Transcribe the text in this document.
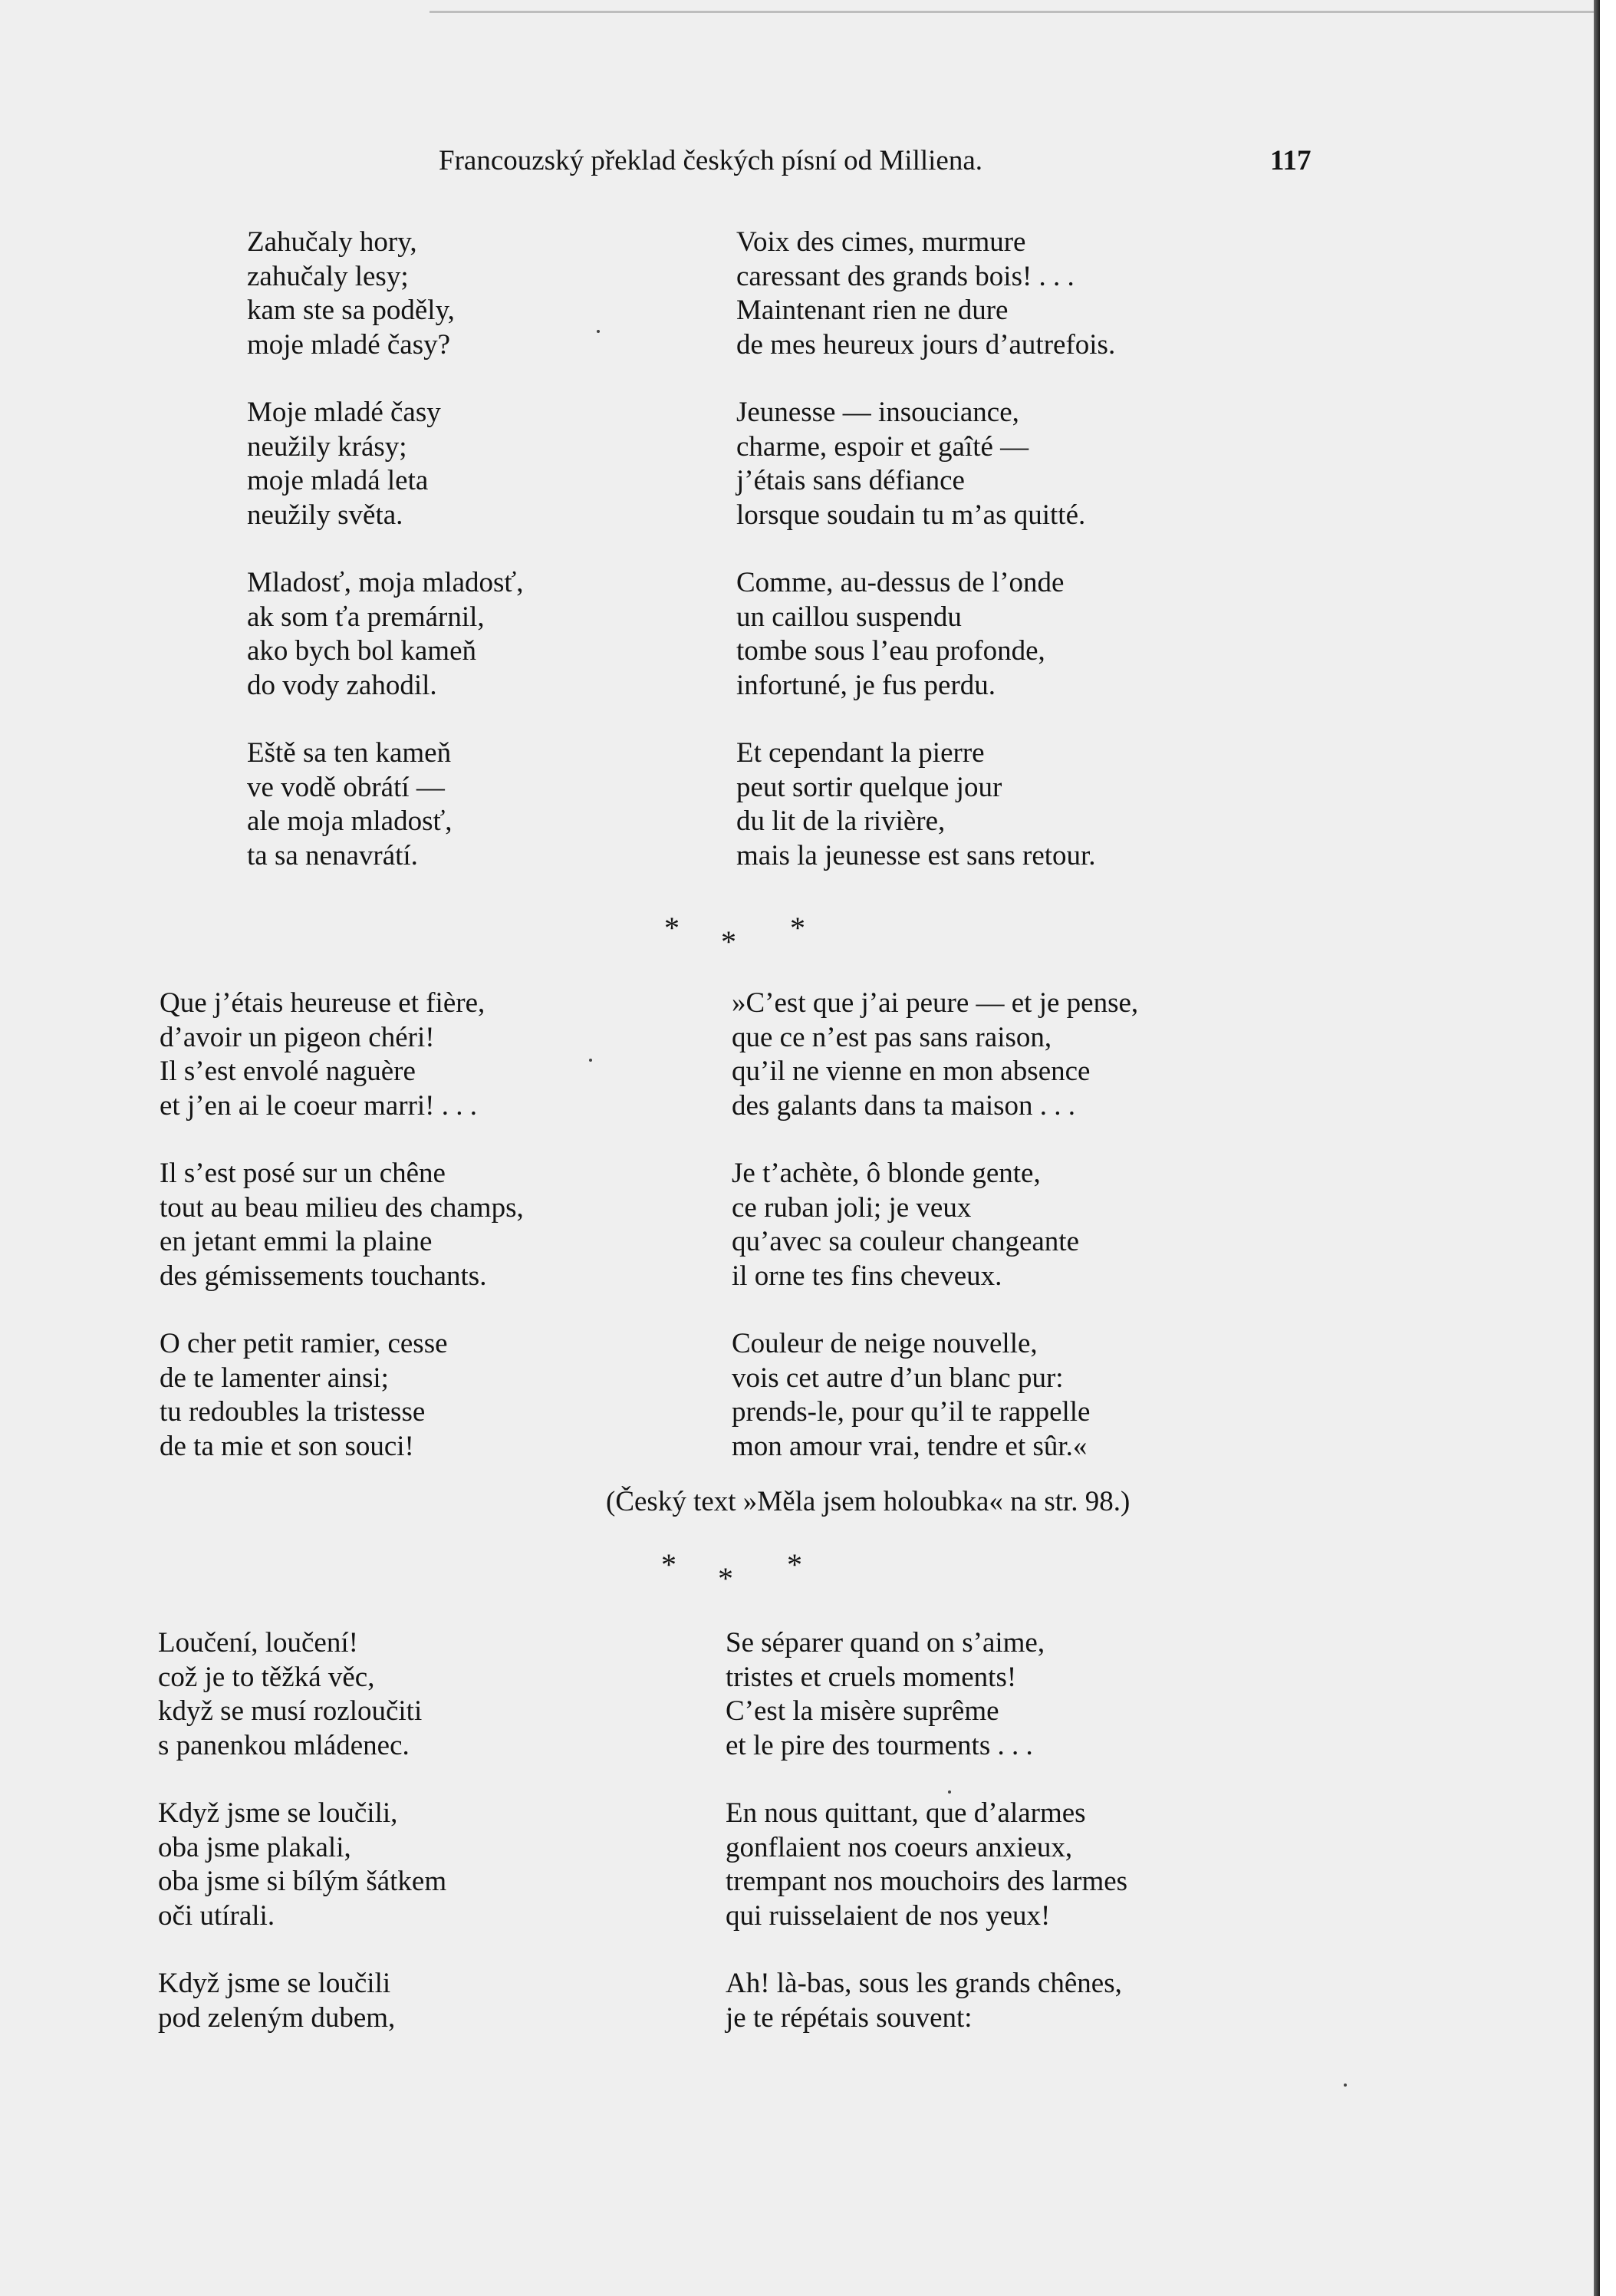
Francouzský překlad českých písní od Milliena.	117

Zahučaly hory,
zahučaly lesy;
kam ste sa poděly,
moje mladé časy?

Moje mladé časy
neužily krásy;
moje mladá leta
neužily světa.

Mladosť, moja mladosť,
ak som ťa premárnil,
ako bych bol kameň
do vody zahodil.

Eště sa ten kameň
ve vodě obrátí —
ale moja mladosť,
ta sa nenavrátí.

Voix des cimes, murmure
caressant des grands bois! . . .
Maintenant rien ne dure
de mes heureux jours d’autrefois.

Jeunesse — insouciance,
charme, espoir et gaîté —
j’étais sans défiance
lorsque soudain tu m’as quitté.

Comme, au-dessus de l’onde
un caillou suspendu
tombe sous l’eau profonde,
infortuné, je fus perdu.

Et cependant la pierre
peut sortir quelque jour
du lit de la rivière,
mais la jeunesse est sans retour.

* * *

Que j’étais heureuse et fière,
d’avoir un pigeon chéri!
Il s’est envolé naguère
et j’en ai le coeur marri! . . .

Il s’est posé sur un chêne
tout au beau milieu des champs,
en jetant emmi la plaine
des gémissements touchants.

O cher petit ramier, cesse
de te lamenter ainsi;
tu redoubles la tristesse
de ta mie et son souci!

»C’est que j’ai peure — et je pense,
que ce n’est pas sans raison,
qu’il ne vienne en mon absence
des galants dans ta maison . . .

Je t’achète, ô blonde gente,
ce ruban joli; je veux
qu’avec sa couleur changeante
il orne tes fins cheveux.

Couleur de neige nouvelle,
vois cet autre d’un blanc pur:
prends-le, pour qu’il te rappelle
mon amour vrai, tendre et sûr.«

(Český text »Měla jsem holoubka« na str. 98.)
* * *

Loučení, loučení!
což je to těžká věc,
když se musí rozloučiti
s panenkou mládenec.

Když jsme se loučili,
oba jsme plakali,
oba jsme si bílým šátkem
oči utírali.

Když jsme se loučili
pod zeleným dubem,

Se séparer quand on s’aime,
tristes et cruels moments!
C’est la misère suprême
et le pire des tourments . . .

En nous quittant, que d’alarmes
gonflaient nos coeurs anxieux,
trempant nos mouchoirs des larmes
qui ruisselaient de nos yeux!

Ah! là-bas, sous les grands chênes,
je te répétais souvent:
